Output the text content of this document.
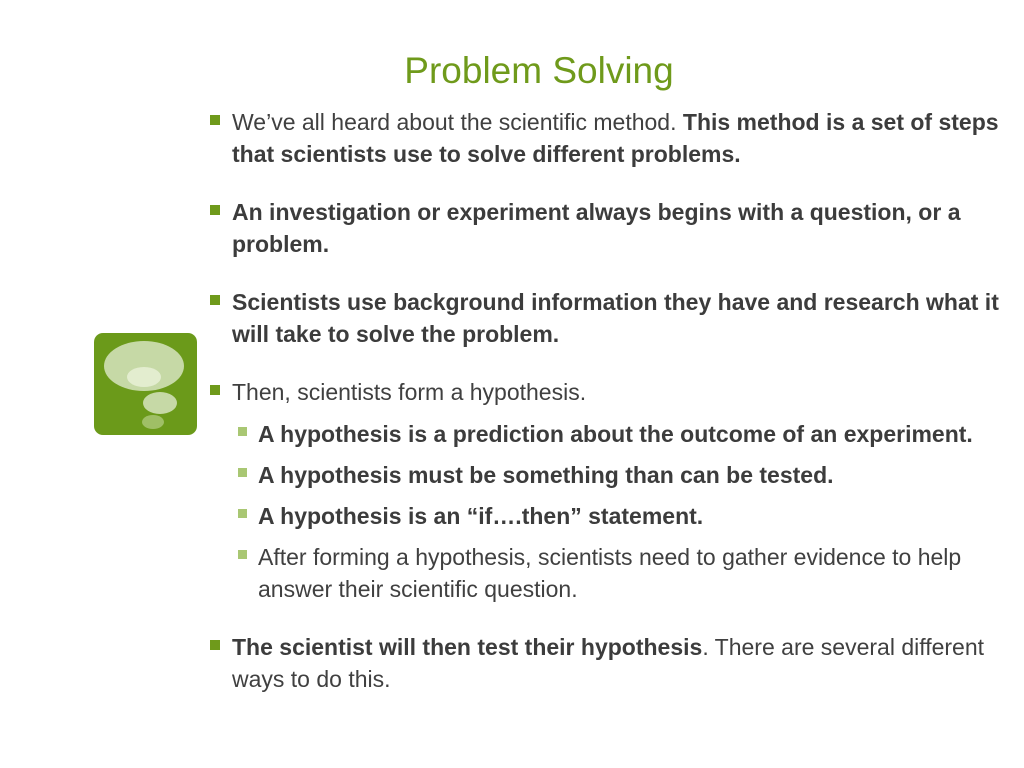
Problem Solving
We’ve all heard about the scientific method. This method is a set of steps that scientists use to solve different problems.
An investigation or experiment always begins with a question, or a problem.
Scientists use background information they have and research what it will take to solve the problem.
Then, scientists form a hypothesis.
A hypothesis is a prediction about the outcome of an experiment.
A hypothesis must be something than can be tested.
A hypothesis is an “if….then” statement.
After forming a hypothesis, scientists need to gather evidence to help answer their scientific question.
The scientist will then test their hypothesis. There are several different ways to do this.
